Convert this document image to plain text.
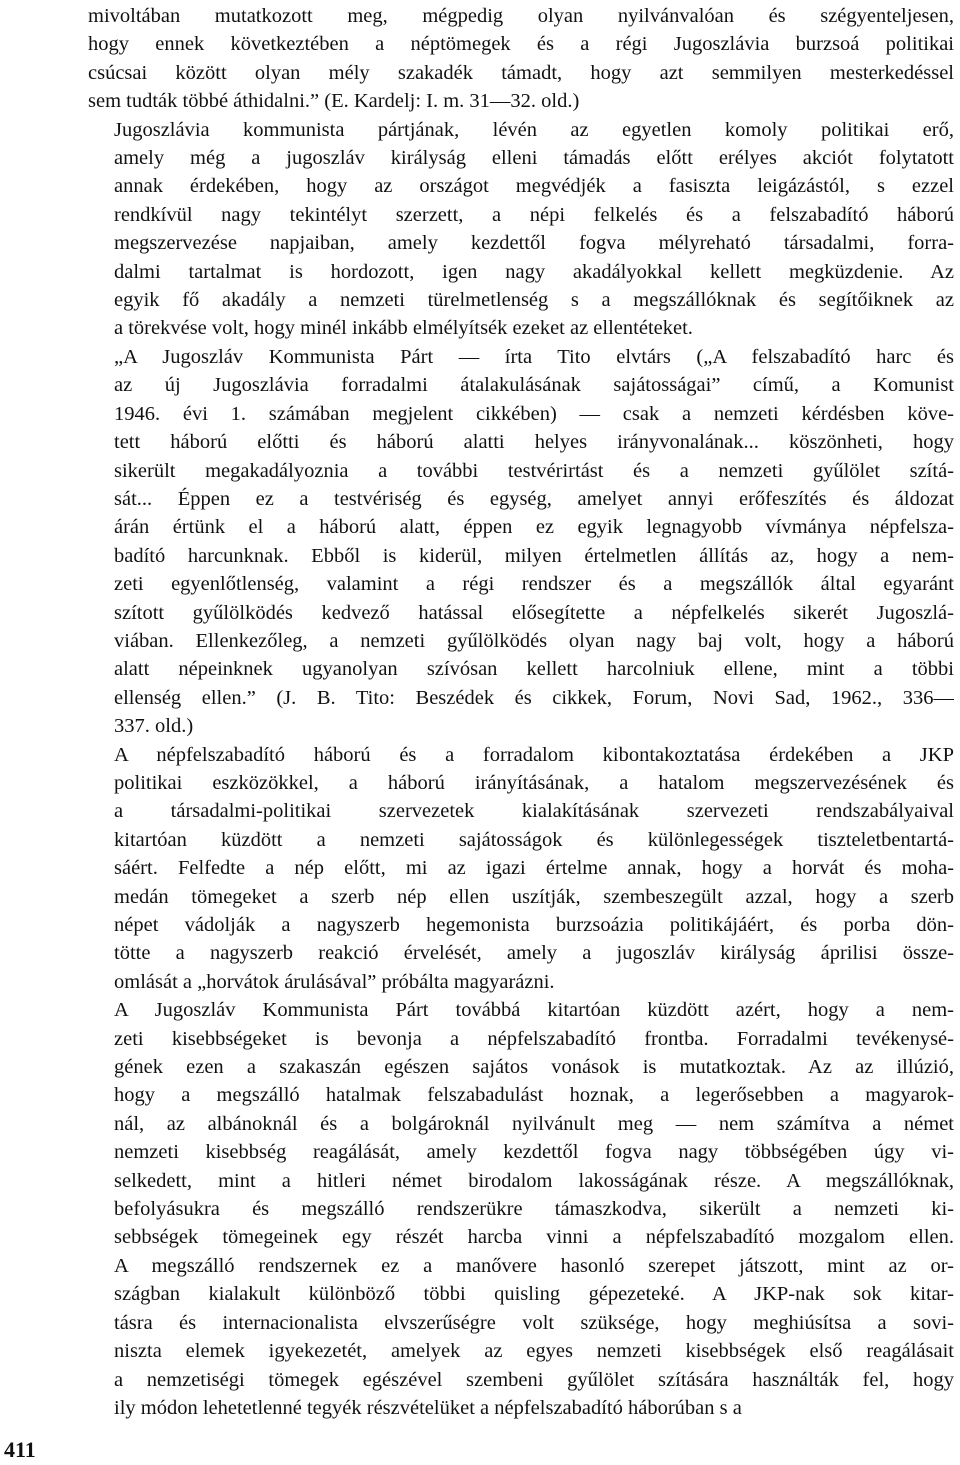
mivoltában mutatkozott meg, mégpedig olyan nyilvánvalóan és szégyenteljesen,
hogy ennek következtében a néptömegek és a régi Jugoszlávia burzsoá politikai
csúcsai között olyan mély szakadék támadt, hogy azt semmilyen mesterkedéssel
sem tudták többé áthidalni.” (E. Kardelj: I. m. 31—32. old.)
Jugoszlávia kommunista pártjának, lévén az egyetlen komoly politikai erő,
amely még a jugoszláv királyság elleni támadás előtt erélyes akciót folytatott
annak érdekében, hogy az országot megvédjék a fasiszta leigázástól, s ezzel
rendkívül nagy tekintélyt szerzett, a népi felkelés és a felszabadító háború
megszervezése napjaiban, amely kezdettől fogva mélyreható társadalmi, forra-
dalmi tartalmat is hordozott, igen nagy akadályokkal kellett megküzdenie. Az
egyik fő akadály a nemzeti türelmetlenség s a megszállóknak és segítőiknek az
a törekvése volt, hogy minél inkább elmélyítsék ezeket az ellentéteket.
„A Jugoszláv Kommunista Párt — írta Tito elvtárs („A felszabadító harc és
az új Jugoszlávia forradalmi átalakulásának sajátosságai” című, a Komunist
1946. évi 1. számában megjelent cikkében) — csak a nemzeti kérdésben köve-
tett háború előtti és háború alatti helyes irányvonalának... köszönheti, hogy
sikerült megakadályoznia a további testvérirtást és a nemzeti gyűlölet szítá-
sát... Éppen ez a testvériség és egység, amelyet annyi erőfeszítés és áldozat
árán értünk el a háború alatt, éppen ez egyik legnagyobb vívmánya népfelsza-
badító harcunknak. Ebből is kiderül, milyen értelmetlen állítás az, hogy a nem-
zeti egyenlőtlenség, valamint a régi rendszer és a megszállók által egyaránt
szított gyűlölködés kedvező hatással elősegítette a népfelkelés sikerét Jugoszlá-
viában. Ellenkezőleg, a nemzeti gyűlölködés olyan nagy baj volt, hogy a háború
alatt népeinknek ugyanolyan szívósan kellett harcolniuk ellene, mint a többi
ellenség ellen.” (J. B. Tito: Beszédek és cikkek, Forum, Novi Sad, 1962., 336—
337. old.)
A népfelszabadító háború és a forradalom kibontakoztatása érdekében a JKP
politikai eszközökkel, a háború irányításának, a hatalom megszervezésének és
a társadalmi-politikai szervezetek kialakításának szervezeti rendszabályaival
kitartóan küzdött a nemzeti sajátosságok és különlegességek tiszteletbentartá-
sáért. Felfedte a nép előtt, mi az igazi értelme annak, hogy a horvát és moha-
medán tömegeket a szerb nép ellen uszítják, szembeszegült azzal, hogy a szerb
népet vádolják a nagyszerb hegemonista burzsoázia politikájáért, és porba dön-
tötte a nagyszerb reakció érvelését, amely a jugoszláv királyság áprilisi össze-
omlását a „horvátok árulásával” próbálta magyarázni.
A Jugoszláv Kommunista Párt továbbá kitartóan küzdött azért, hogy a nem-
zeti kisebbségeket is bevonja a népfelszabadító frontba. Forradalmi tevékenysé-
gének ezen a szakaszán egészen sajátos vonások is mutatkoztak. Az az illúzió,
hogy a megszálló hatalmak felszabadulást hoznak, a legerősebben a magyarok-
nál, az albánoknál és a bolgároknál nyilvánult meg — nem számítva a német
nemzeti kisebbség reagálását, amely kezdettől fogva nagy többségében úgy vi-
selkedett, mint a hitleri német birodalom lakosságának része. A megszállóknak,
befolyásukra és megszálló rendszerükre támaszkodva, sikerült a nemzeti ki-
sebbségek tömegeinek egy részét harcba vinni a népfelszabadító mozgalom ellen.
A megszálló rendszernek ez a manővere hasonló szerepet játszott, mint az or-
szágban kialakult különböző többi quisling gépezeteké. A JKP-nak sok kitar-
tásra és internacionalista elvszerűségre volt szüksége, hogy meghiúsítsa a sovi-
niszta elemek igyekezetét, amelyek az egyes nemzeti kisebbségek első reagálásait
a nemzetiségi tömegek egészével szembeni gyűlölet szítására használták fel, hogy
ily módon lehetetlenné tegyék részvételüket a népfelszabadító háborúban s a
411
